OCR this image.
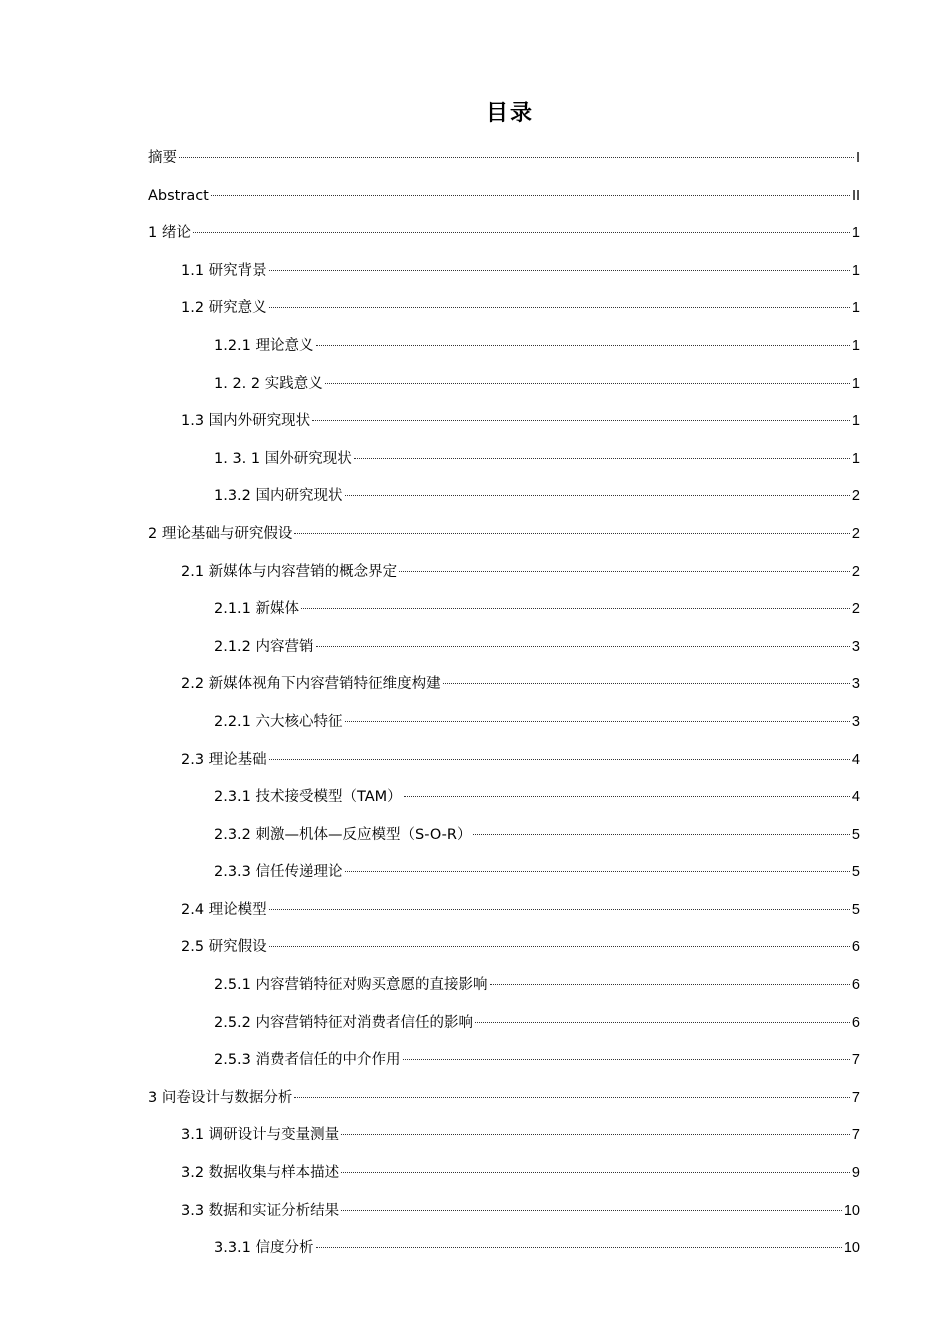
目录
摘要	I
Abstract	II
1 绪论	1
1.1 研究背景	1
1.2 研究意义	1
1.2.1 理论意义	1
1. 2. 2 实践意义	1
1.3 国内外研究现状	1
1. 3. 1 国外研究现状	1
1.3.2 国内研究现状	2
2 理论基础与研究假设	2
2.1 新媒体与内容营销的概念界定	2
2.1.1 新媒体	2
2.1.2 内容营销	3
2.2 新媒体视角下内容营销特征维度构建	3
2.2.1 六大核心特征	3
2.3 理论基础	4
2.3.1 技术接受模型（TAM）	4
2.3.2 刺激—机体—反应模型（S-O-R）	5
2.3.3 信任传递理论	5
2.4 理论模型	5
2.5 研究假设	6
2.5.1 内容营销特征对购买意愿的直接影响	6
2.5.2 内容营销特征对消费者信任的影响	6
2.5.3 消费者信任的中介作用	7
3 问卷设计与数据分析	7
3.1 调研设计与变量测量	7
3.2 数据收集与样本描述	9
3.3 数据和实证分析结果	10
3.3.1 信度分析	10
